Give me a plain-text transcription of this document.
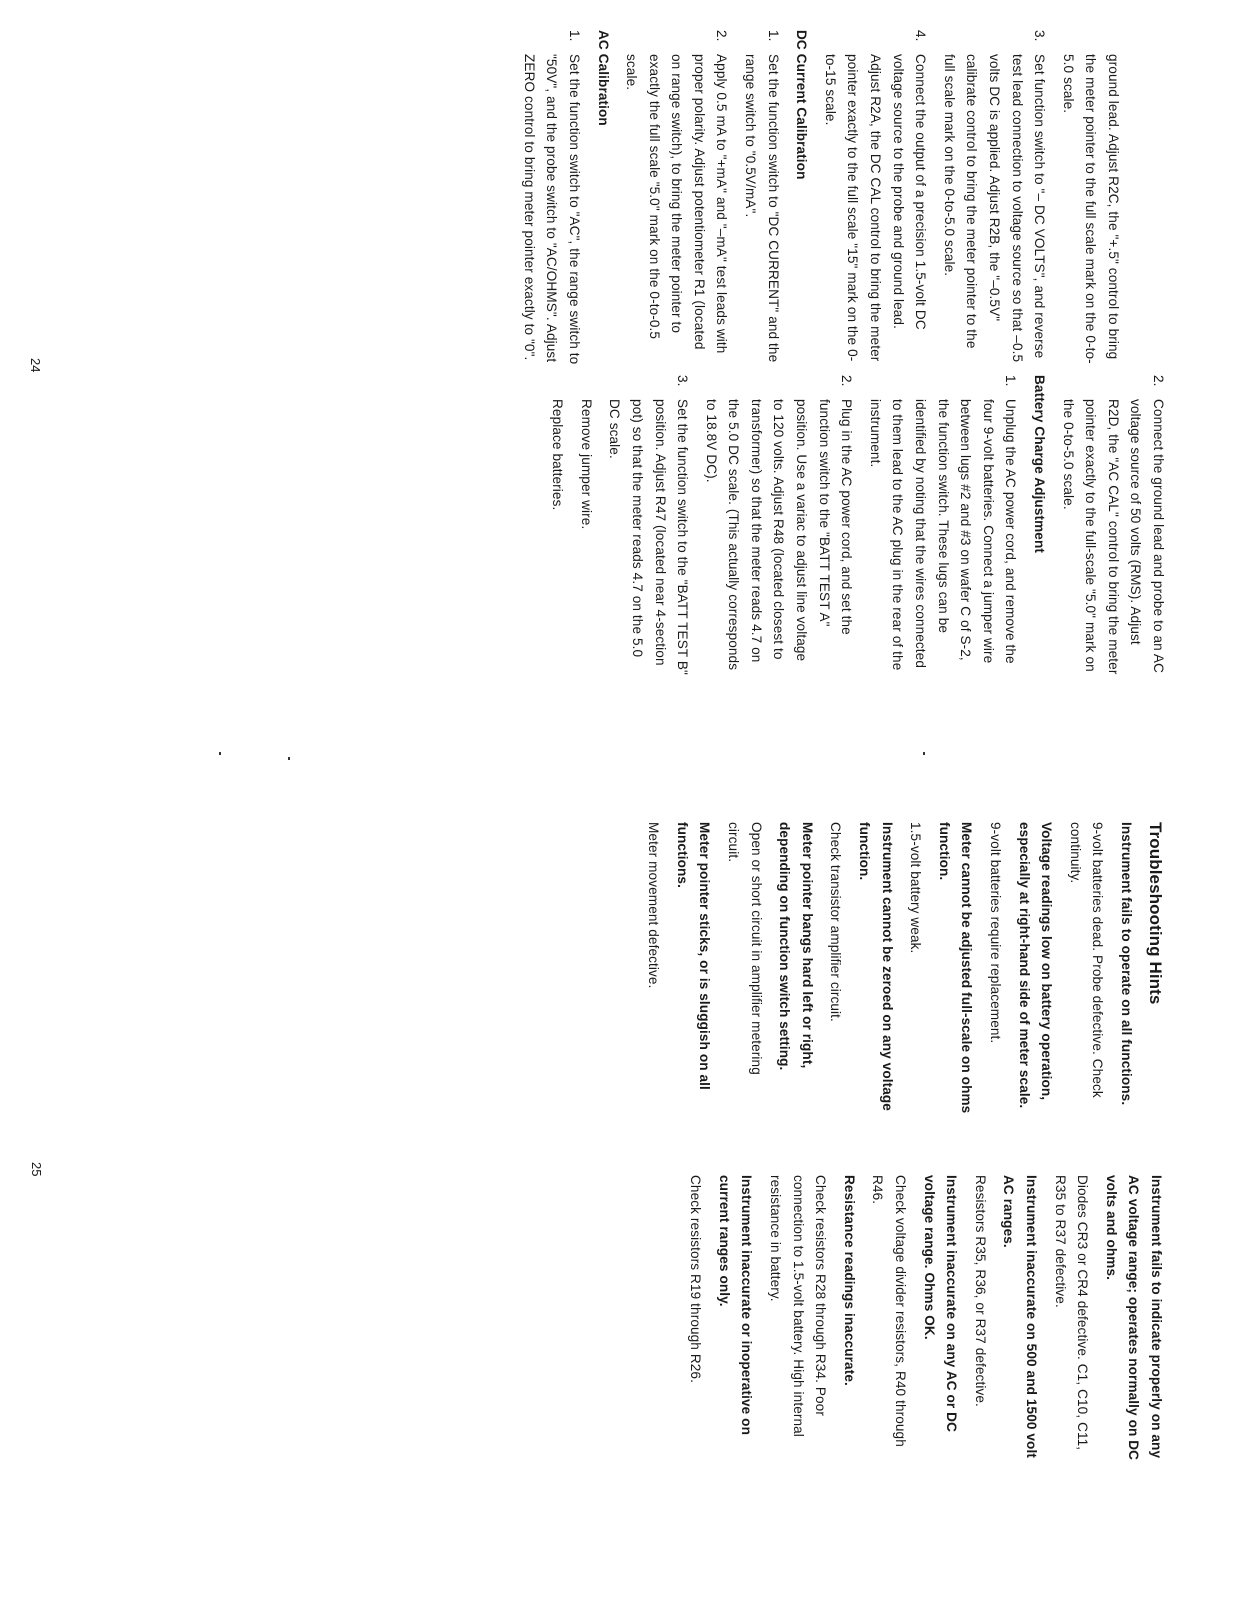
ground lead. Adjust R2C, the "+.5" control to bring the meter pointer to the full scale mark on the 0-to-5.0 scale.

3.
Set function switch to "– DC VOLTS", and reverse test lead connection to voltage source so that –0.5 volts DC is applied. Adjust R2B, the "–0.5V" calibrate control to bring the meter pointer to the full scale mark on the 0-to-5.0 scale.

4.
Connect the output of a precision 1.5-volt DC voltage source to the probe and ground lead. Adjust R2A, the DC CAL control to bring the meter pointer exactly to the full scale "15" mark on the 0-to-15 scale.

DC Current Calibration

1.
Set the function switch to "DC CURRENT" and the range switch to "0.5V/mA".

2.
Apply 0.5 mA to "+mA" and "–mA" test leads with proper polarity. Adjust potentiometer R1 (located on range switch), to bring the meter pointer to exactly the full scale "5.0" mark on the 0-to-0.5 scale.

AC Calibration

1.
Set the function switch to "AC", the range switch to "50V", and the probe switch to "AC/OHMS". Adjust ZERO control to bring meter pointer exactly to "0".

2.
Connect the ground lead and probe to an AC voltage source of 50 volts (RMS). Adjust R2D, the "AC CAL" control to bring the meter pointer exactly to the full-scale "5.0" mark on the 0-to-5.0 scale.

Battery Charge Adjustment

1.
Unplug the AC power cord, and remove the four 9-volt batteries. Connect a jumper wire between lugs #2 and #3 on wafer C of S-2, the function switch. These lugs can be identified by noting that the wires connected to them lead to the AC plug in the rear of the instrument.

2.
Plug in the AC power cord, and set the function switch to the "BATT TEST A" position. Use a variac to adjust line voltage to 120 volts. Adjust R48 (located closest to transformer) so that the meter reads 4.7 on the 5.0 DC scale. (This actually corresponds to 18.8V DC).

3.
Set the function switch to the "BATT TEST B" position. Adjust R47 (located near 4-section pot) so that the meter reads 4.7 on the 5.0 DC scale.

Remove jumper wire.

Replace batteries.

24

Troubleshooting Hints

Instrument fails to operate on all functions.

9-volt batteries dead. Probe defective. Check continuity.

Voltage readings low on battery operation, especially at right-hand side of meter scale.

9-volt batteries require replacement.

Meter cannot be adjusted full-scale on ohms function.

1.5-volt battery weak.

Instrument cannot be zeroed on any voltage function.

Check transistor amplifier circuit.

Meter pointer bangs hard left or right, depending on function switch setting.

Open or short circuit in amplifier metering circuit.

Meter pointer sticks, or is sluggish on all functions.

Meter movement defective.

Instrument fails to indicate properly on any AC voltage range; operates normally on DC volts and ohms.

Diodes CR3 or CR4 defective. C1, C10, C11, R35 to R37 defective.

Instrument inaccurate on 500 and 1500 volt AC ranges.

Resistors R35, R36, or R37 defective.

Instrument inaccurate on any AC or DC voltage range. Ohms OK.

Check voltage divider resistors, R40 through R46.

Resistance readings inaccurate.

Check resistors R28 through R34. Poor connection to 1.5-volt battery. High internal resistance in battery.

Instrument inaccurate or inoperative on current ranges only.

Check resistors R19 through R26.

25
